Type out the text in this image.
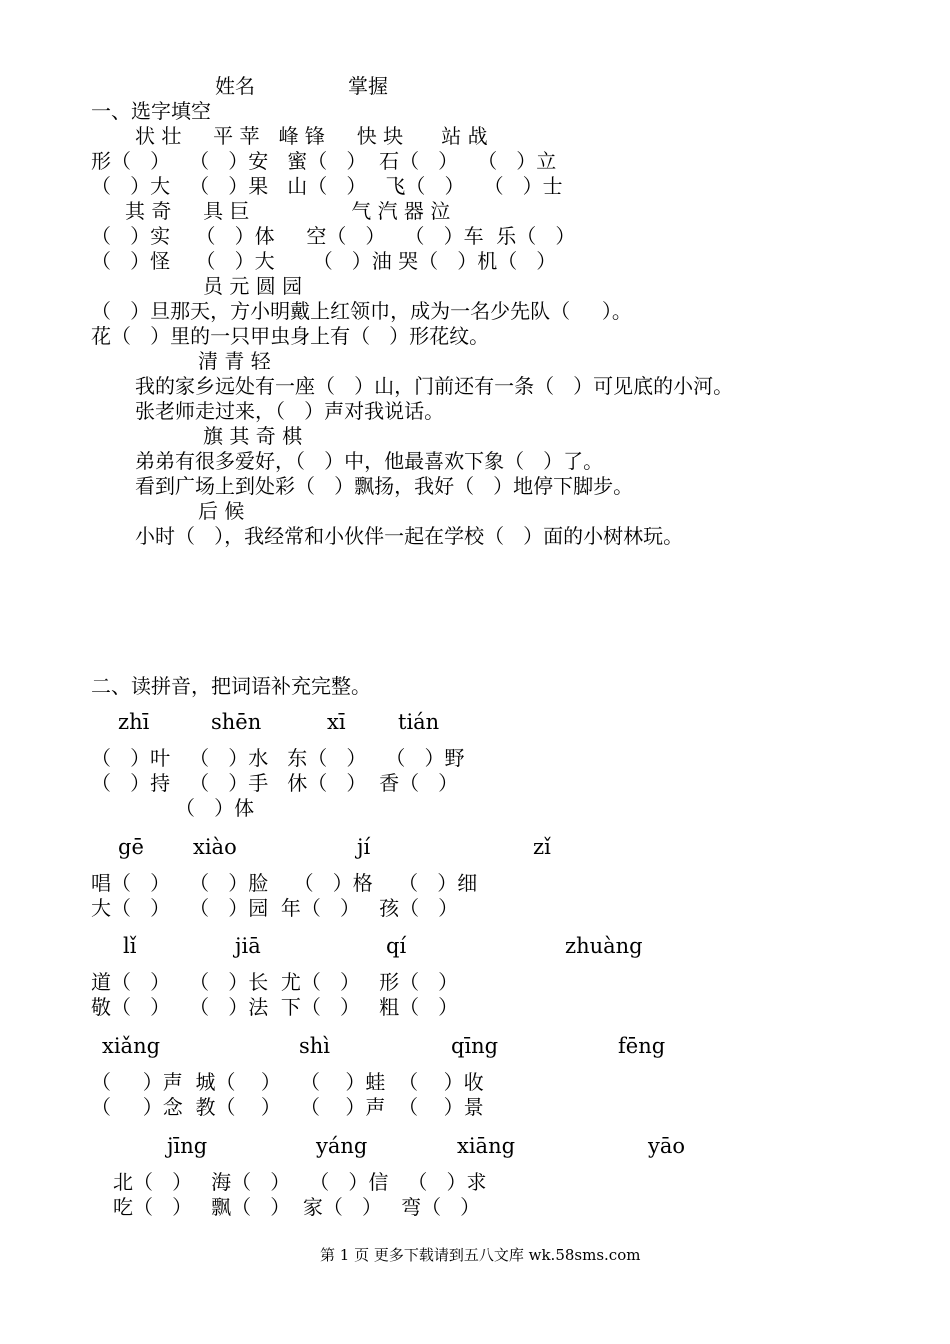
姓名	掌握
一、选字填空
状 壮     平 苹   峰 锋     快 块      站 战
形（   ）   （   ）安   蜜（   ）  石（   ）   （   ）立
（   ）大   （   ）果   山（   ）   飞（   ）   （   ）士
其 奇     具 巨                气 汽 器 泣
（   ）实    （   ）体     空（   ）   （   ）车  乐（   ）
（   ）怪    （   ）大      （   ）油 哭（   ）机（   ）
员 元 圆 园
（   ）旦那天，方小明戴上红领巾，成为一名少先队（     ）。
花（   ）里的一只甲虫身上有（   ）形花纹。
清 青 轻
我的家乡远处有一座（   ）山，门前还有一条（   ）可见底的小河。
张老师走过来，（   ）声对我说话。
旗 其 奇 棋
弟弟有很多爱好，（   ）中，他最喜欢下象（   ）了。
看到广场上到处彩（   ）飘扬，我好（   ）地停下脚步。
后 候
小时（   ），我经常和小伙伴一起在学校（   ）面的小树林玩。
二、读拼音，把词语补充完整。
zhī	shēn	xī tián
（   ）叶   （   ）水   东（   ）   （   ）野
（   ）持   （   ）手   休（   ）  香（   ）
（   ）体
gē xiào	jí	zǐ
唱（   ）   （   ）脸    （   ）格    （   ）细
大（   ）   （   ）园  年（   ）   孩（   ）
lǐ	jiā	qí	zhuàng
道（   ）   （   ）长  尤（   ）   形（   ）
敬（   ）   （   ）法  下（   ）   粗（   ）
xiǎng	shì	qīng	fēng
（     ）声  城（    ）   （    ）蛙  （    ）收
（     ）念  教（    ）   （    ）声  （    ）景
jīng	yáng	xiāng	yāo
北（   ）   海（   ）   （   ）信   （   ）求
吃（   ）   飘（   ）  家（   ）   弯（   ）
第 1 页 更多下载请到五八文库 wk.58sms.com
